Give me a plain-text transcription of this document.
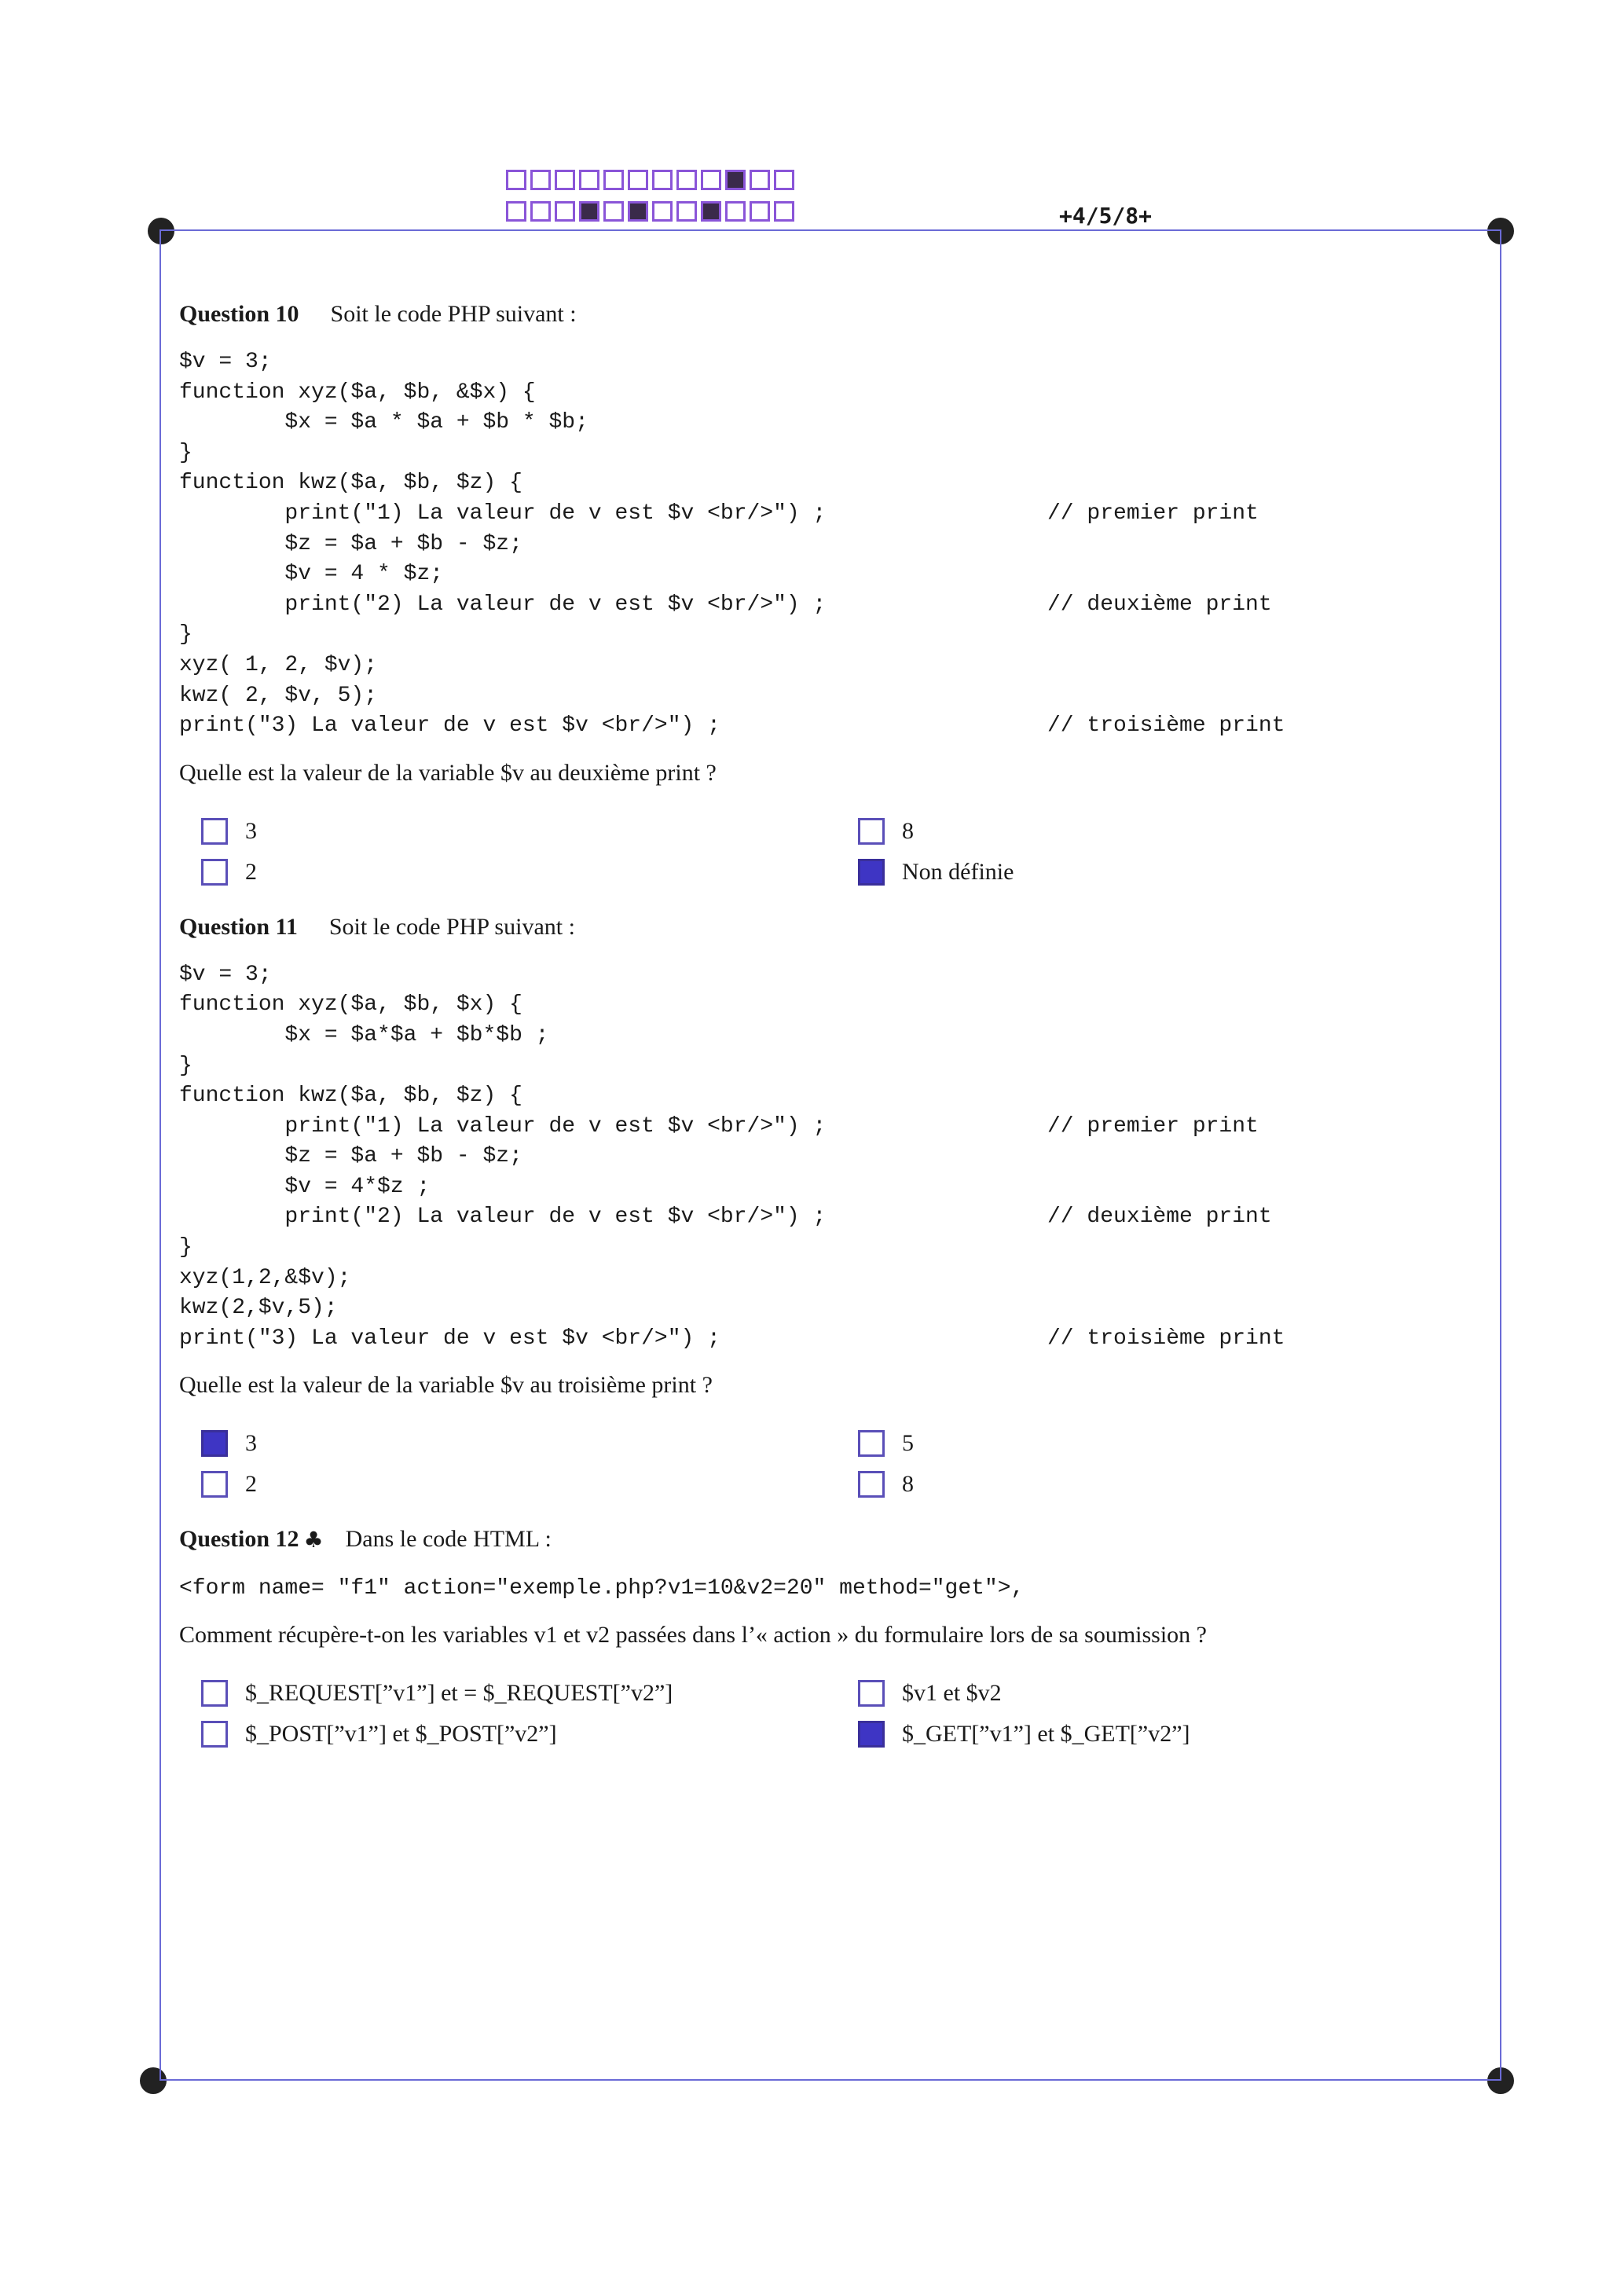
+4/5/8+
Question 10 Soit le code PHP suivant :
$v = 3;
function xyz($a, $b, &$x) {
$x = $a * $a + $b * $b;
}
function kwz($a, $b, $z) {
print("1) La valeur de v est $v <br/>") ;	// premier print
$z = $a + $b - $z;
$v = 4 * $z;
print("2) La valeur de v est $v <br/>") ;	// deuxième print
}
xyz( 1, 2, $v);
kwz( 2, $v, 5);
print("3) La valeur de v est $v <br/>") ;	// troisième print
Quelle est la valeur de la variable $v au deuxième print ?
3	8
2	Non définie
Question 11 Soit le code PHP suivant :
$v = 3;
function xyz($a, $b, $x) {
$x = $a*$a + $b*$b ;
}
function kwz($a, $b, $z) {
print("1) La valeur de v est $v <br/>") ;	// premier print
$z = $a + $b - $z;
$v = 4*$z ;
print("2) La valeur de v est $v <br/>") ;	// deuxième print
}
xyz(1,2,&$v);
kwz(2,$v,5);
print("3) La valeur de v est $v <br/>") ;	// troisième print
Quelle est la valeur de la variable $v au troisième print ?
3	5
2	8
Question 12 ♣ Dans le code HTML :
<form name= "f1" action="exemple.php?v1=10&v2=20" method="get">,
Comment récupère-t-on les variables v1 et v2 passées dans l’« action » du formulaire lors de sa soumission ?
$_REQUEST[”v1”] et = $_REQUEST[”v2”]	$v1 et $v2
$_POST[”v1”] et $_POST[”v2”]	$_GET[”v1”] et $_GET[”v2”]
